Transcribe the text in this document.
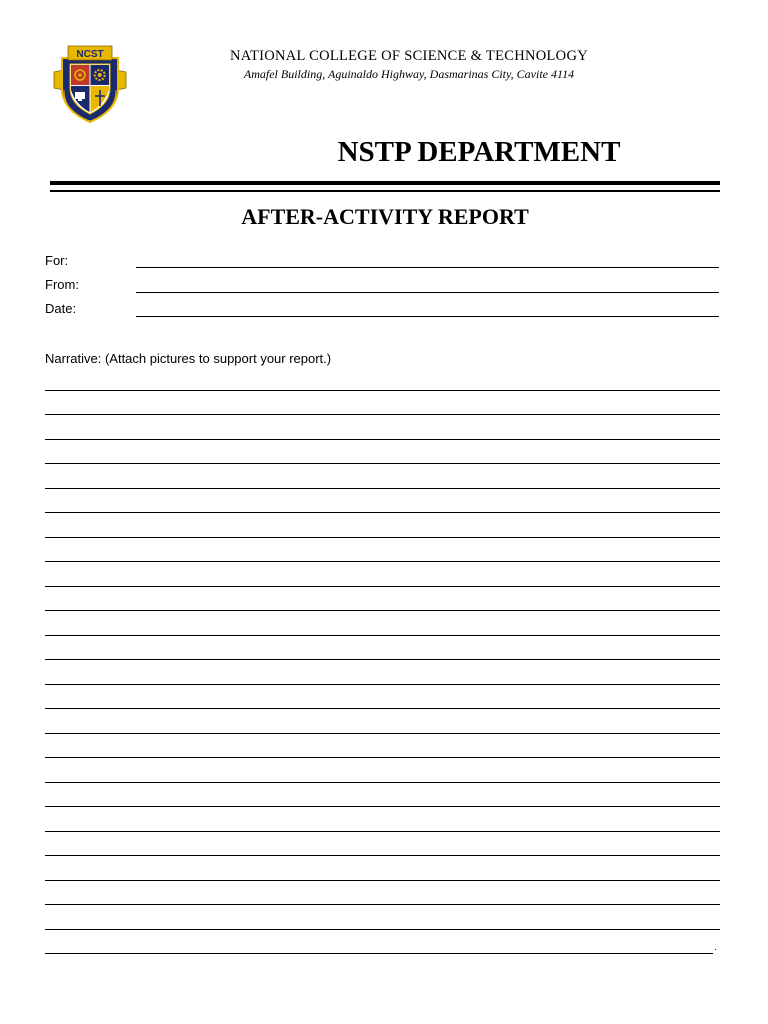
NCST	NATIONAL COLLEGE OF SCIENCE & TECHNOLOGY
Amafel Building, Aguinaldo Highway, Dasmarinas City, Cavite 4114
NSTP DEPARTMENT
AFTER-ACTIVITY REPORT
For:
From:
Date:
Narrative: (Attach pictures to support your report.)
.
